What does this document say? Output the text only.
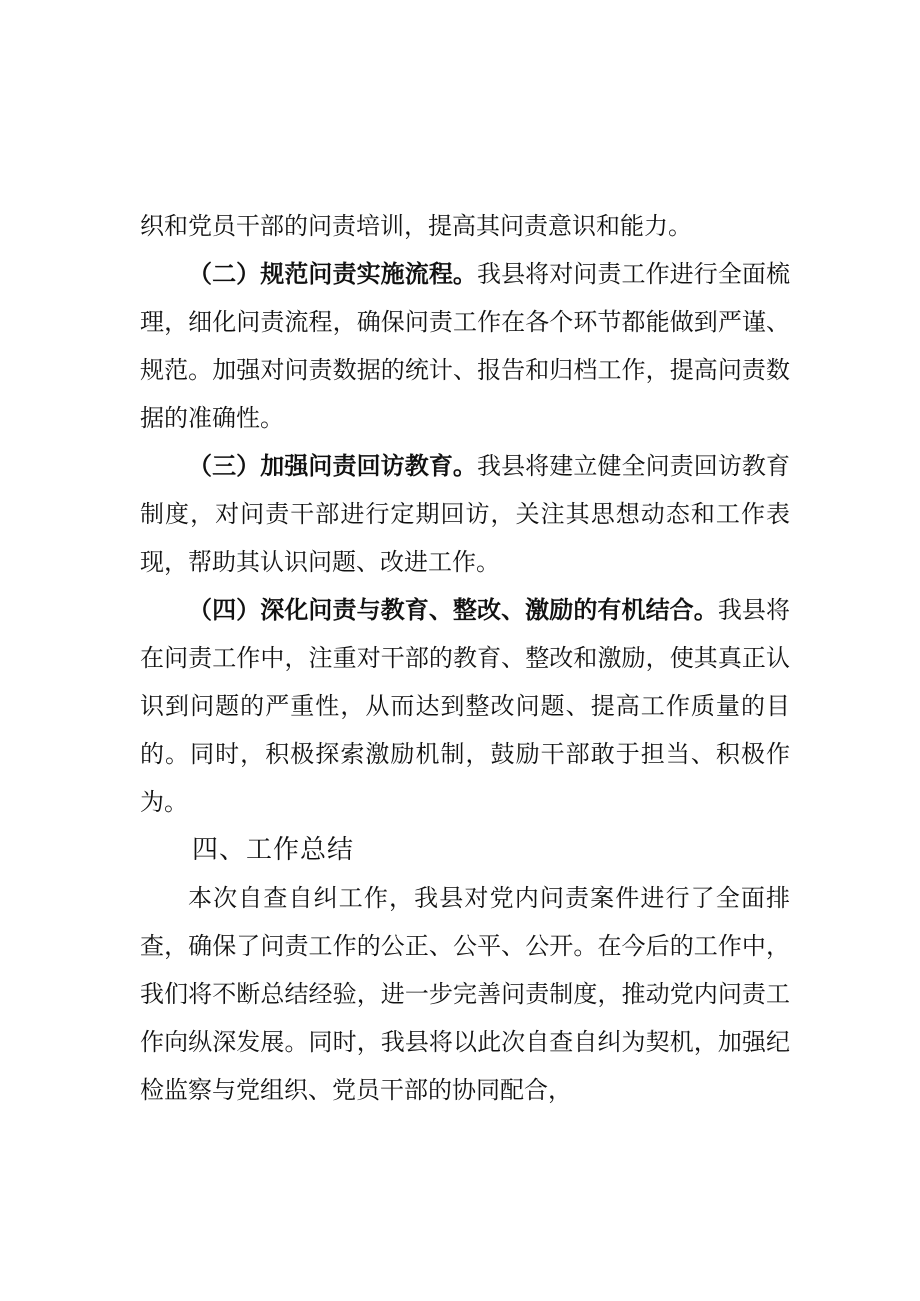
织和党员干部的问责培训，提高其问责意识和能力。

（二）规范问责实施流程。我县将对问责工作进行全面梳理，细化问责流程，确保问责工作在各个环节都能做到严谨、规范。加强对问责数据的统计、报告和归档工作，提高问责数据的准确性。

（三）加强问责回访教育。我县将建立健全问责回访教育制度，对问责干部进行定期回访，关注其思想动态和工作表现，帮助其认识问题、改进工作。

（四）深化问责与教育、整改、激励的有机结合。我县将在问责工作中，注重对干部的教育、整改和激励，使其真正认识到问题的严重性，从而达到整改问题、提高工作质量的目的。同时，积极探索激励机制，鼓励干部敢于担当、积极作为。

四、工作总结

本次自查自纠工作，我县对党内问责案件进行了全面排查，确保了问责工作的公正、公平、公开。在今后的工作中，我们将不断总结经验，进一步完善问责制度，推动党内问责工作向纵深发展。同时，我县将以此次自查自纠为契机，加强纪检监察与党组织、党员干部的协同配合，
